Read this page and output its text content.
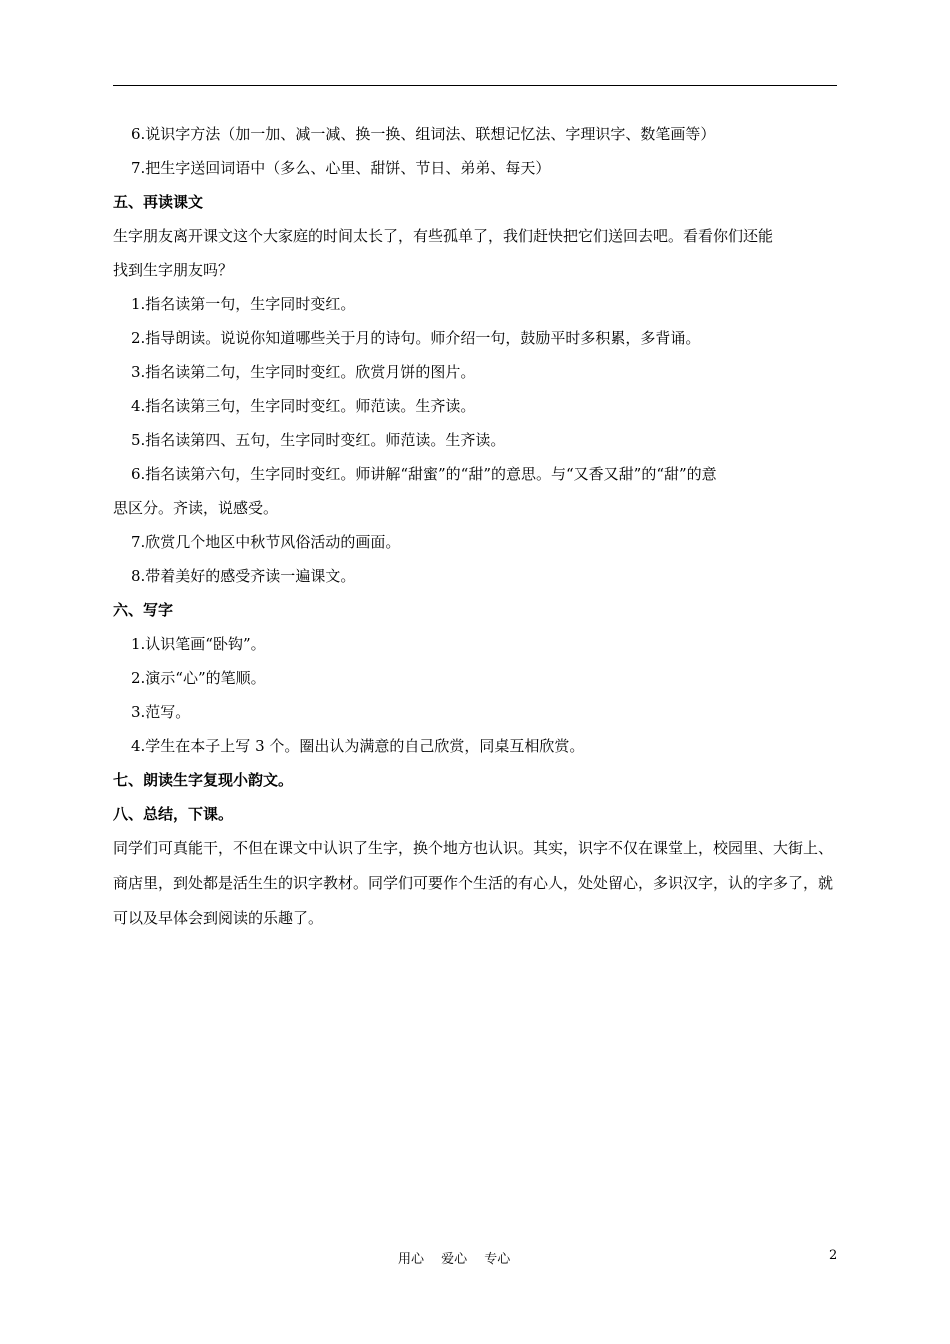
6.说识字方法（加一加、减一减、换一换、组词法、联想记忆法、字理识字、数笔画等）
7.把生字送回词语中（多么、心里、甜饼、节日、弟弟、每天）
五、再读课文
生字朋友离开课文这个大家庭的时间太长了，有些孤单了，我们赶快把它们送回去吧。看看你们还能
找到生字朋友吗？
1.指名读第一句，生字同时变红。
2.指导朗读。说说你知道哪些关于月的诗句。师介绍一句，鼓励平时多积累，多背诵。
3.指名读第二句，生字同时变红。欣赏月饼的图片。
4.指名读第三句，生字同时变红。师范读。生齐读。
5.指名读第四、五句，生字同时变红。师范读。生齐读。
6.指名读第六句，生字同时变红。师讲解“甜蜜”的“甜”的意思。与“又香又甜”的“甜”的意
思区分。齐读，说感受。
7.欣赏几个地区中秋节风俗活动的画面。
8.带着美好的感受齐读一遍课文。
六、写字
1.认识笔画“卧钩”。
2.演示“心”的笔顺。
3.范写。
4.学生在本子上写 3 个。圈出认为满意的自己欣赏，同桌互相欣赏。
七、朗读生字复现小韵文。
八、总结，下课。
同学们可真能干，不但在课文中认识了生字，换个地方也认识。其实，识字不仅在课堂上，校园里、大街上、商店里，到处都是活生生的识字教材。同学们可要作个生活的有心人，处处留心，多识汉字，认的字多了，就可以及早体会到阅读的乐趣了。
用心　 爱心　 专心	2
